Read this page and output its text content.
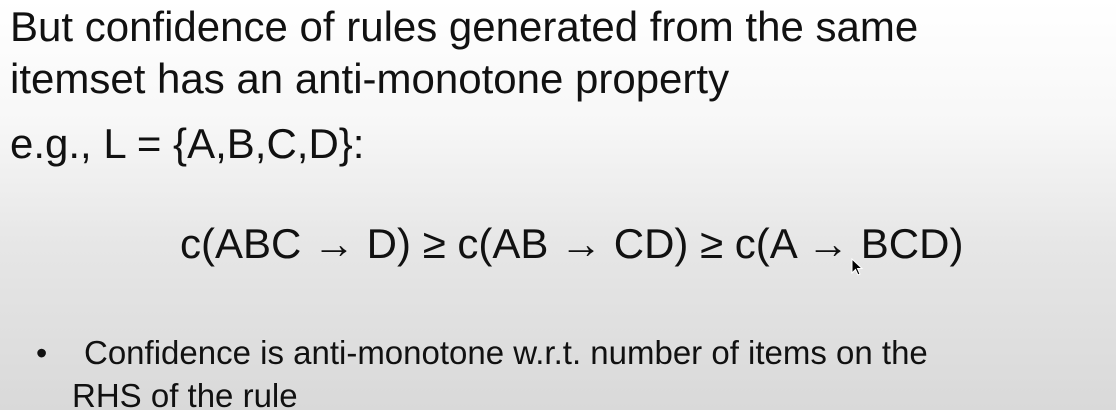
But confidence of rules generated from the same
itemset has an anti-monotone property
e.g., L = {A,B,C,D}:
c(ABC → D) ≥ c(AB → CD) ≥ c(A → BCD)
• Confidence is anti-monotone w.r.t. number of items on the
RHS of the rule
